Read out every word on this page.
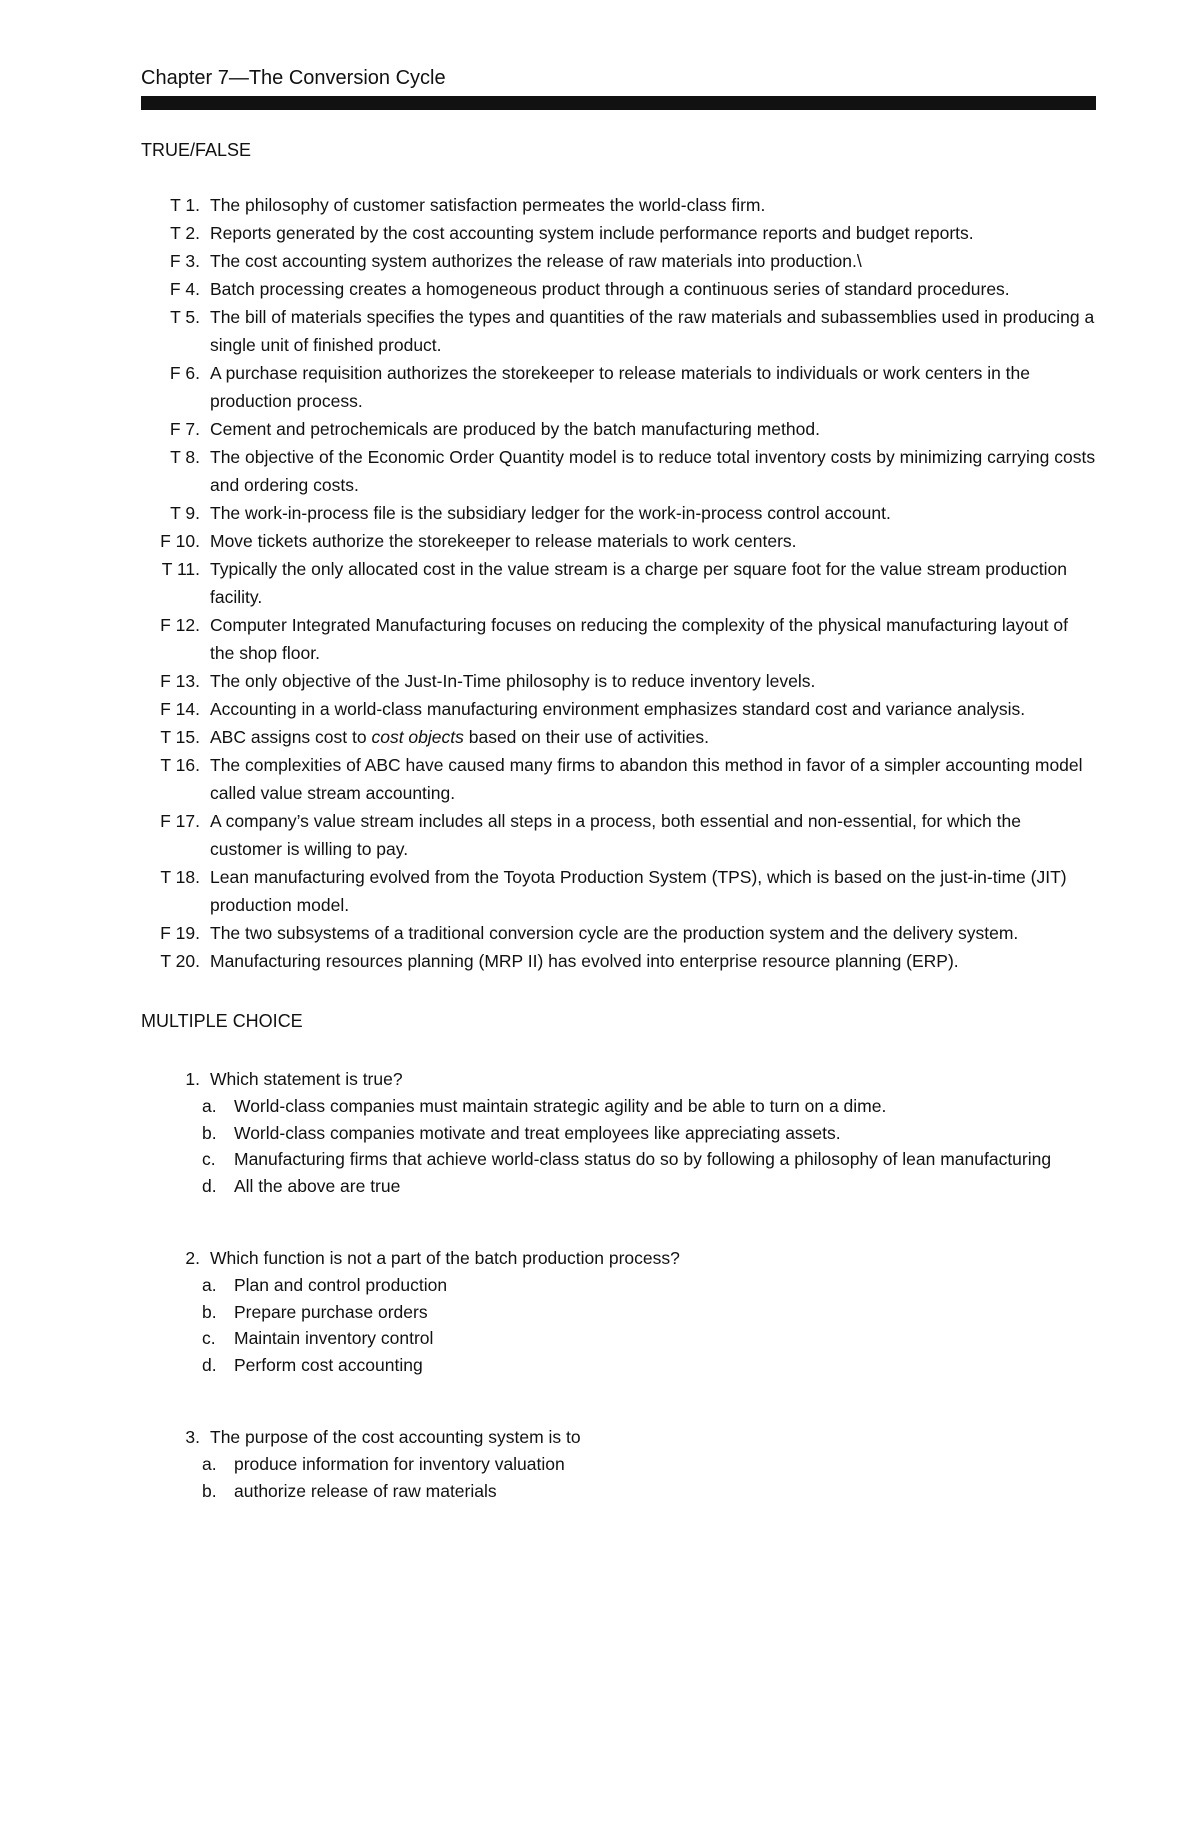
Chapter 7—The Conversion Cycle
TRUE/FALSE
T 1. The philosophy of customer satisfaction permeates the world-class firm.
T 2. Reports generated by the cost accounting system include performance reports and budget reports.
F 3. The cost accounting system authorizes the release of raw materials into production.\
F 4. Batch processing creates a homogeneous product through a continuous series of standard procedures.
T 5. The bill of materials specifies the types and quantities of the raw materials and subassemblies used in producing a single unit of finished product.
F 6. A purchase requisition authorizes the storekeeper to release materials to individuals or work centers in the production process.
F 7. Cement and petrochemicals are produced by the batch manufacturing method.
T 8. The objective of the Economic Order Quantity model is to reduce total inventory costs by minimizing carrying costs and ordering costs.
T 9. The work-in-process file is the subsidiary ledger for the work-in-process control account.
F 10. Move tickets authorize the storekeeper to release materials to work centers.
T 11. Typically the only allocated cost in the value stream is a charge per square foot for the value stream production facility.
F 12. Computer Integrated Manufacturing focuses on reducing the complexity of the physical manufacturing layout of the shop floor.
F 13. The only objective of the Just-In-Time philosophy is to reduce inventory levels.
F 14. Accounting in a world-class manufacturing environment emphasizes standard cost and variance analysis.
T 15. ABC assigns cost to cost objects based on their use of activities.
T 16. The complexities of ABC have caused many firms to abandon this method in favor of a simpler accounting model called value stream accounting.
F 17. A company’s value stream includes all steps in a process, both essential and non-essential, for which the customer is willing to pay.
T 18. Lean manufacturing evolved from the Toyota Production System (TPS), which is based on the just-in-time (JIT) production model.
F 19. The two subsystems of a traditional conversion cycle are the production system and the delivery system.
T 20. Manufacturing resources planning (MRP II) has evolved into enterprise resource planning (ERP).
MULTIPLE CHOICE
1. Which statement is true?
a. World-class companies must maintain strategic agility and be able to turn on a dime.
b. World-class companies motivate and treat employees like appreciating assets.
c.	Manufacturing firms that achieve world-class status do so by following a philosophy of lean manufacturing
d. All the above are true
2. Which function is not a part of the batch production process?
a. Plan and control production
b. Prepare purchase orders
c.	Maintain inventory control
d. Perform cost accounting
3. The purpose of the cost accounting system is to
a. produce information for inventory valuation
b. authorize release of raw materials
